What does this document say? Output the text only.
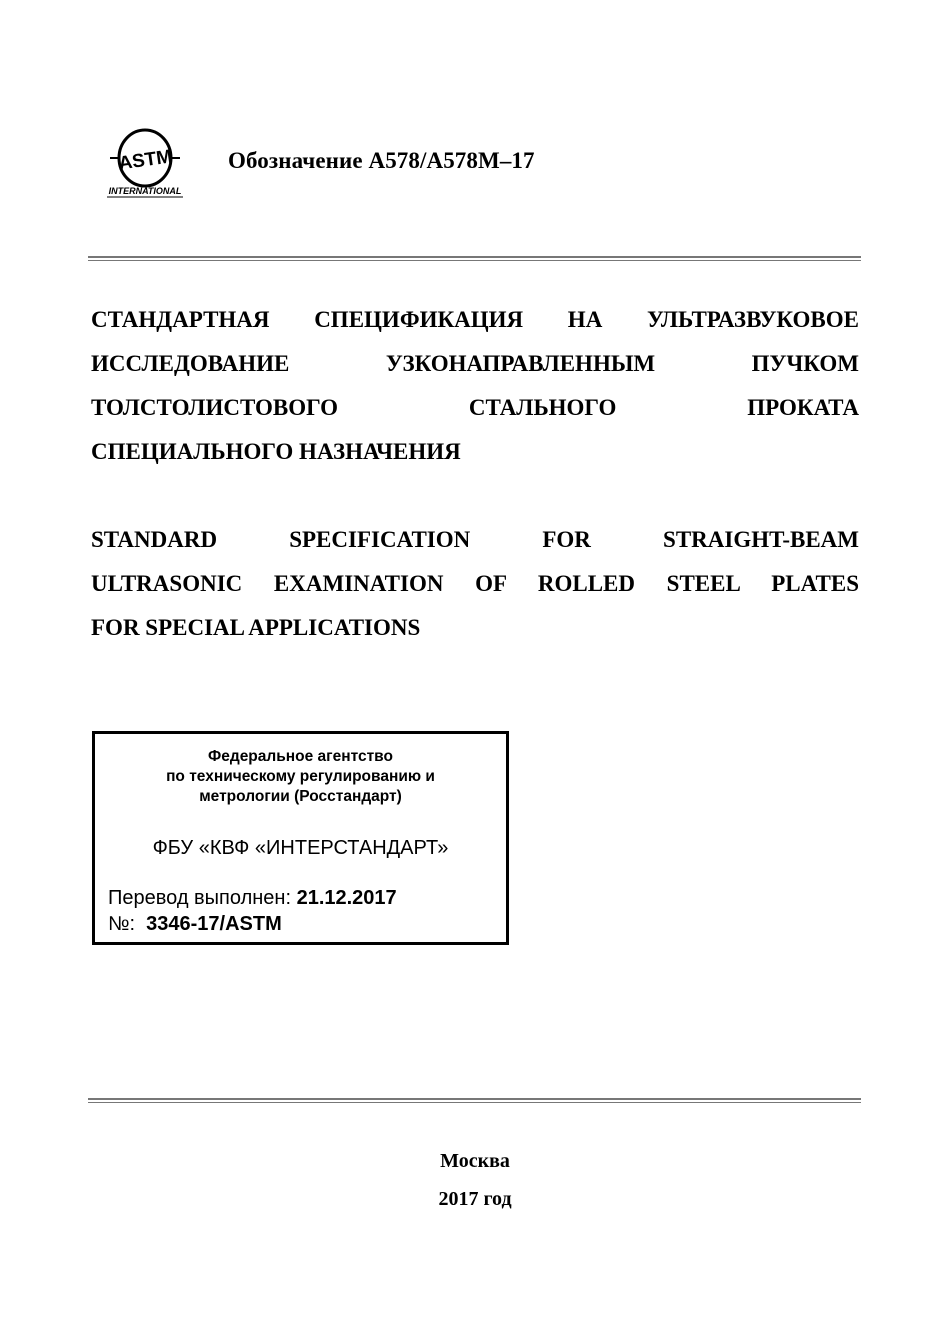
ASTM
INTERNATIONAL
Обозначение A578/A578M–17
СТАНДАРТНАЯ СПЕЦИФИКАЦИЯ НА УЛЬТРАЗВУКОВОЕ
ИССЛЕДОВАНИЕ УЗКОНАПРАВЛЕННЫМ ПУЧКОМ
ТОЛСТОЛИСТОВОГО СТАЛЬНОГО ПРОКАТА
СПЕЦИАЛЬНОГО НАЗНАЧЕНИЯ
STANDARD SPECIFICATION FOR STRAIGHT-BEAM
ULTRASONIC EXAMINATION OF ROLLED STEEL PLATES
FOR SPECIAL APPLICATIONS
Федеральное агентство
по техническому регулированию и
метрологии (Росстандарт)
ФБУ «КВФ «ИНТЕРСТАНДАРТ»
Перевод выполнен: 21.12.2017
№:  3346-17/ASTM
Москва
2017 год
